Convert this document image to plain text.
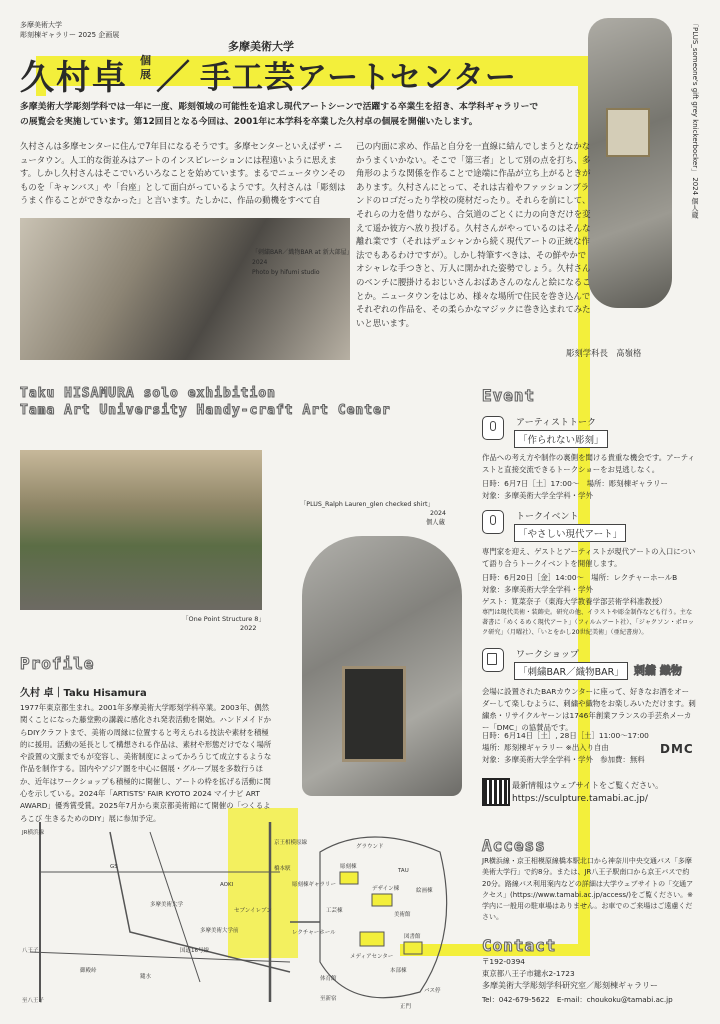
多摩美術大学
彫刻棟ギャラリー 2025 企画展
久村卓 個展 ／
多摩美術大学
手工芸アートセンター
多摩美術大学彫刻学科では一年に一度、彫刻領域の可能性を追求し現代アートシーンで活躍する卒業生を招き、本学科ギャラリーでの展覧会を実施しています。第12回目となる今回は、2001年に本学科を卒業した久村卓の個展を開催いたします。	「PLUS_someone's gift grey knickerbocker」 2024 個人蔵
久村さんは多摩センターに住んで7年目になるそうです。多摩センターといえばザ・ニュータウン。人工的な街並みはアートのインスピレーションには程遠いように思えます。しかし久村さんはそこでいろいろなことを始めています。まるでニュータウンそのものを「キャンバス」や「台座」として面白がっているようです。久村さんは「彫刻はうまく作ることができなかった」と言います。たしかに、作品の動機をすべて自
己の内面に求め、作品と自分を一直線に結んでしまうとなかなかうまくいかない。そこで「第三者」として別の点を打ち、多角形のような関係を作ることで途端に作品が立ち上がるときがあります。久村さんにとって、それは古着やファッションブランドのロゴだったり学校の廃材だったり。それらを前にして、それらの力を借りながら、合気道のごとくに力の向きだけを変えて遥か彼方へ放り投げる。久村さんがやっているのはそんな離れ業です（それはデュシャンから続く現代アートの正統な作法でもあるわけですが）。しかし特筆すべきは、その鮮やかでオシャレな手つきと、万人に開かれた姿勢でしょう。久村さんのベンチに腰掛けるおじいさんおばあさんのなんと絵になることか。ニュータウンをはじめ、様々な場所で住民を巻き込んでそれぞれの作品を、その柔らかなマジックに巻き込まれてみたいと思います。
彫刻学科長　髙嶺格
「刺繍BAR／織物BAR at 新大部屋」
2024
Photo by hifumi studio
Taku HISAMURA solo exhibition
Tama Art University Handy-craft Art Center
「One Point Structure 8」
2022
「PLUS_Ralph Lauren_glen checked shirt」
2024
個人蔵
Profile
久村 卓｜Taku Hisamura
1977年東京都生まれ。2001年多摩美術大学彫刻学科卒業。2003年、偶然関くことになった藤堂勲の講義に感化され発表活動を開始。ハンドメイドからDIYクラフトまで、美術の周縁に位置すると考えられる技法や素材を積極的に援用。活動の延長として構想される作品は、素材や形態だけでなく場所や設置の文脈までもが変容し、美術制度によってかろうじて成立するような作品を制作する。国内やアジア圏を中心に個展・グループ展を多数行うほか、近年はワークショップも積極的に開催し、アートの枠を拡げる活動に関心を示している。2024年「ARTISTS' FAIR KYOTO 2024 マイナビ ART AWARD」優秀賞受賞。2025年7月から東京都美術館にて開催の「つくるよろこび 生きるためのDIY」展に参加予定。
Event
アーティストトーク
「作られない彫刻」
作品への考え方や制作の裏側を聞ける貴重な機会です。アーティストと直接交流できるトークショーをお見逃しなく。
日時：6月7日［土］17:00〜　場所：彫刻棟ギャラリー
対象：多摩美術大学全学科・学外
トークイベント
「やさしい現代アート」
専門家を迎え、ゲストとアーティストが現代アートの入口について語り合うトークイベントを開催します。
日時：6月20日［金］14:00〜　場所：レクチャーホールB
対象：多摩美術大学全学科・学外
ゲスト：筧菜奈子（東海大学教養学部芸術学科准教授）
専門は現代美術・装飾史。研究の他、イラストや彫金制作なども行う。主な著書に「めくるめく現代アート」（フィルムアート社）、「ジャクソン・ポロック研究」（月曜社）、「いとをかし20世紀美術」（亜紀書房）。
ワークショップ
「刺繍BAR／織物BAR」 刺繍 織物
会場に設置されたBARカウンターに座って、好きなお酒をオーダーして楽しむように、刺繍や織物をお楽しみいただけます。刺繍糸・リサイクルヤーンは1746年創業フランスの手芸糸メーカー「DMC」の協賛品です。
日時：6月14日［土］, 28日［土］11:00〜17:00
場所：彫刻棟ギャラリー ※出入り自由
対象：多摩美術大学全学科・学外　参加費：無料
DMC
最新情報はウェブサイトをご覧ください。
https://sculpture.tamabi.ac.jp/
Access
JR横浜線・京王相模原線橋本駅北口から神奈川中央交通バス「多摩美術大学行」で約8分。または、JR八王子駅南口から京王バスで約20分。路線バス利用案内などの詳細は大学ウェブサイトの「交通アクセス」(https://www.tamabi.ac.jp/access/)をご覧ください。※学内に一般用の駐車場はありません。お車でのご来場はご遠慮ください。
Contact
〒192-0394
東京都八王子市鑓水2-1723
多摩美術大学彫刻学科研究室／彫刻棟ギャラリー
Tel：042-679-5622　E-mail：choukoku@tamabi.ac.jp
JR横浜線
至八王子
八王子
多摩美術大学
橋本駅
京王相模原線
国道16号線
御殿峠
鑓水
彫刻棟ギャラリー
レクチャーホール
正門
グラウンド
図書館
デザイン棟
至新宿
AOKI
GS
セブンイレブン
多摩美術大学前
彫刻棟
TAU
絵画棟
工芸棟
美術館
本部棟
メディアセンター
体育館
バス停
